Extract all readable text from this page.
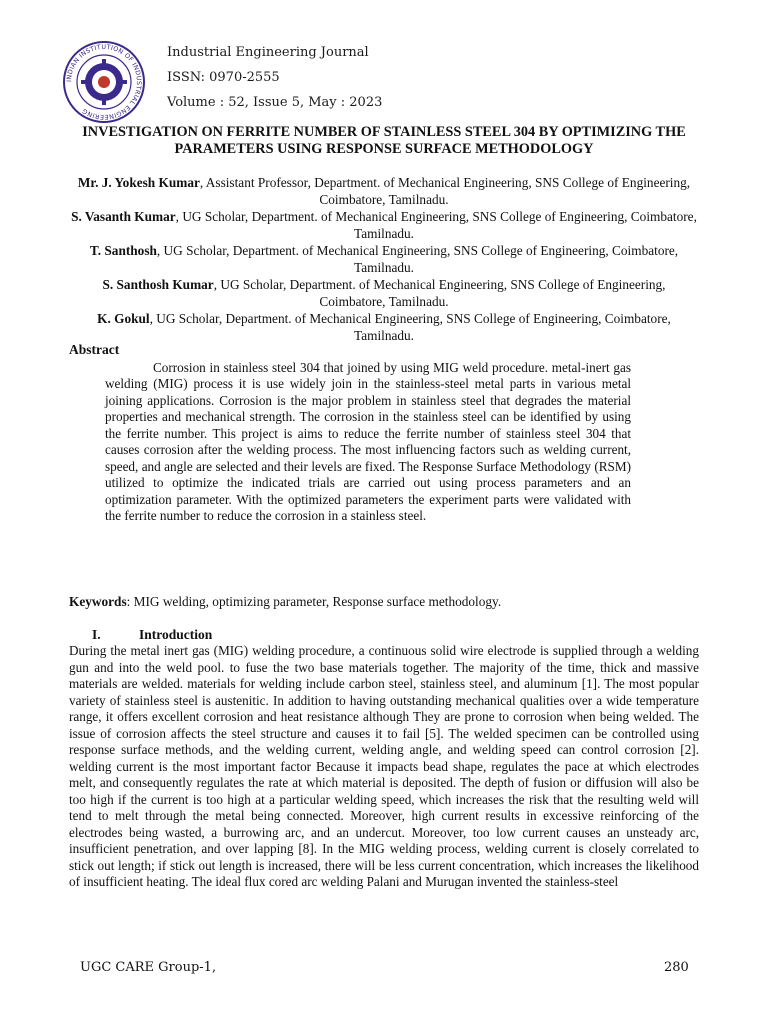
INDIAN INSTITUTION OF INDUSTRIAL ENGINEERING
Industrial Engineering Journal
ISSN: 0970-2555
Volume : 52, Issue 5, May : 2023
INVESTIGATION ON FERRITE NUMBER OF STAINLESS STEEL 304 BY OPTIMIZING THE PARAMETERS USING RESPONSE SURFACE METHODOLOGY

Mr. J. Yokesh Kumar, Assistant Professor, Department. of Mechanical Engineering, SNS College of Engineering, Coimbatore, Tamilnadu.

S. Vasanth Kumar, UG Scholar, Department. of Mechanical Engineering, SNS College of Engineering, Coimbatore, Tamilnadu.

T. Santhosh, UG Scholar, Department. of Mechanical Engineering, SNS College of Engineering, Coimbatore, Tamilnadu.

S. Santhosh Kumar, UG Scholar, Department. of Mechanical Engineering, SNS College of Engineering, Coimbatore, Tamilnadu.

K. Gokul, UG Scholar, Department. of Mechanical Engineering, SNS College of Engineering, Coimbatore, Tamilnadu.

Abstract
Corrosion in stainless steel 304 that joined by using MIG weld procedure. metal-inert gas welding (MIG) process it is use widely join in the stainless-steel metal parts in various metal joining applications. Corrosion is the major problem in stainless steel that degrades the material properties and mechanical strength. The corrosion in the stainless steel can be identified by using the ferrite number. This project is aims to reduce the ferrite number of stainless steel 304 that causes corrosion after the welding process. The most influencing factors such as welding current, speed, and angle are selected and their levels are fixed. The Response Surface Methodology (RSM) utilized to optimize the indicated trials are carried out using process parameters and an optimization parameter. With the optimized parameters the experiment parts were validated with the ferrite number to reduce the corrosion in a stainless steel.
Keywords: MIG welding, optimizing parameter, Response surface methodology.
I.	Introduction
During the metal inert gas (MIG) welding procedure, a continuous solid wire electrode is supplied through a welding gun and into the weld pool. to fuse the two base materials together. The majority of the time, thick and massive materials are welded. materials for welding include carbon steel, stainless steel, and aluminum [1]. The most popular variety of stainless steel is austenitic. In addition to having outstanding mechanical qualities over a wide temperature range, it offers excellent corrosion and heat resistance although They are prone to corrosion when being welded. The issue of corrosion affects the steel structure and causes it to fail [5]. The welded specimen can be controlled using response surface methods, and the welding current, welding angle, and welding speed can control corrosion [2]. welding current is the most important factor Because it impacts bead shape, regulates the pace at which electrodes melt, and consequently regulates the rate at which material is deposited. The depth of fusion or diffusion will also be too high if the current is too high at a particular welding speed, which increases the risk that the resulting weld will tend to melt through the metal being connected. Moreover, high current results in excessive reinforcing of the electrodes being wasted, a burrowing arc, and an undercut. Moreover, too low current causes an unsteady arc, insufficient penetration, and over lapping [8]. In the MIG welding process, welding current is closely correlated to stick out length; if stick out length is increased, there will be less current concentration, which increases the likelihood of insufficient heating. The ideal flux cored arc welding Palani and Murugan invented the stainless-steel
UGC CARE Group-1,	280
